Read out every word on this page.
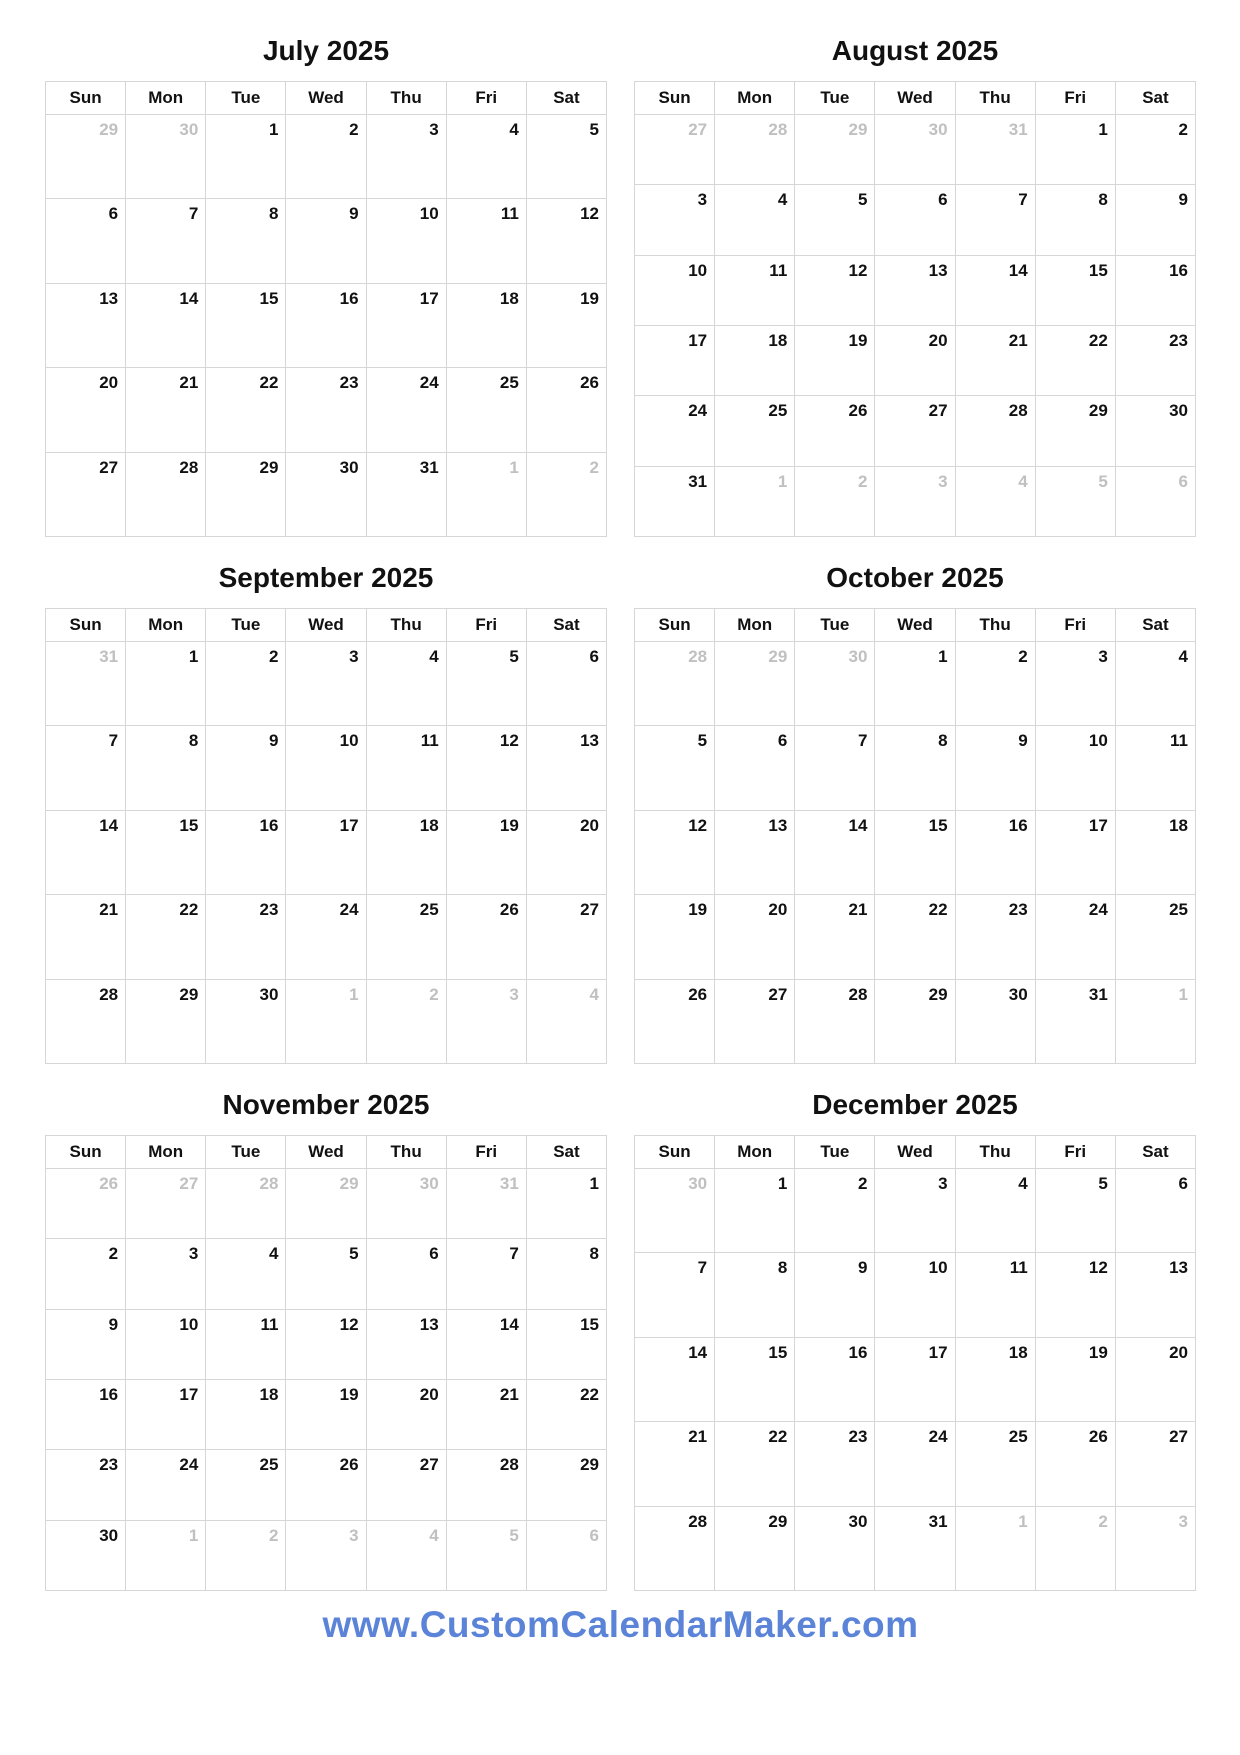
July 2025
Sun	Mon	Tue	Wed	Thu	Fri	Sat
29	30	1	2	3	4	5
6	7	8	9	10	11	12
13	14	15	16	17	18	19
20	21	22	23	24	25	26
27	28	29	30	31	1	2
August 2025
Sun	Mon	Tue	Wed	Thu	Fri	Sat
27	28	29	30	31	1	2
3	4	5	6	7	8	9
10	11	12	13	14	15	16
17	18	19	20	21	22	23
24	25	26	27	28	29	30
31	1	2	3	4	5	6
September 2025
Sun	Mon	Tue	Wed	Thu	Fri	Sat
31	1	2	3	4	5	6
7	8	9	10	11	12	13
14	15	16	17	18	19	20
21	22	23	24	25	26	27
28	29	30	1	2	3	4
October 2025
Sun	Mon	Tue	Wed	Thu	Fri	Sat
28	29	30	1	2	3	4
5	6	7	8	9	10	11
12	13	14	15	16	17	18
19	20	21	22	23	24	25
26	27	28	29	30	31	1
November 2025
Sun	Mon	Tue	Wed	Thu	Fri	Sat
26	27	28	29	30	31	1
2	3	4	5	6	7	8
9	10	11	12	13	14	15
16	17	18	19	20	21	22
23	24	25	26	27	28	29
30	1	2	3	4	5	6
December 2025
Sun	Mon	Tue	Wed	Thu	Fri	Sat
30	1	2	3	4	5	6
7	8	9	10	11	12	13
14	15	16	17	18	19	20
21	22	23	24	25	26	27
28	29	30	31	1	2	3
www.CustomCalendarMaker.com
